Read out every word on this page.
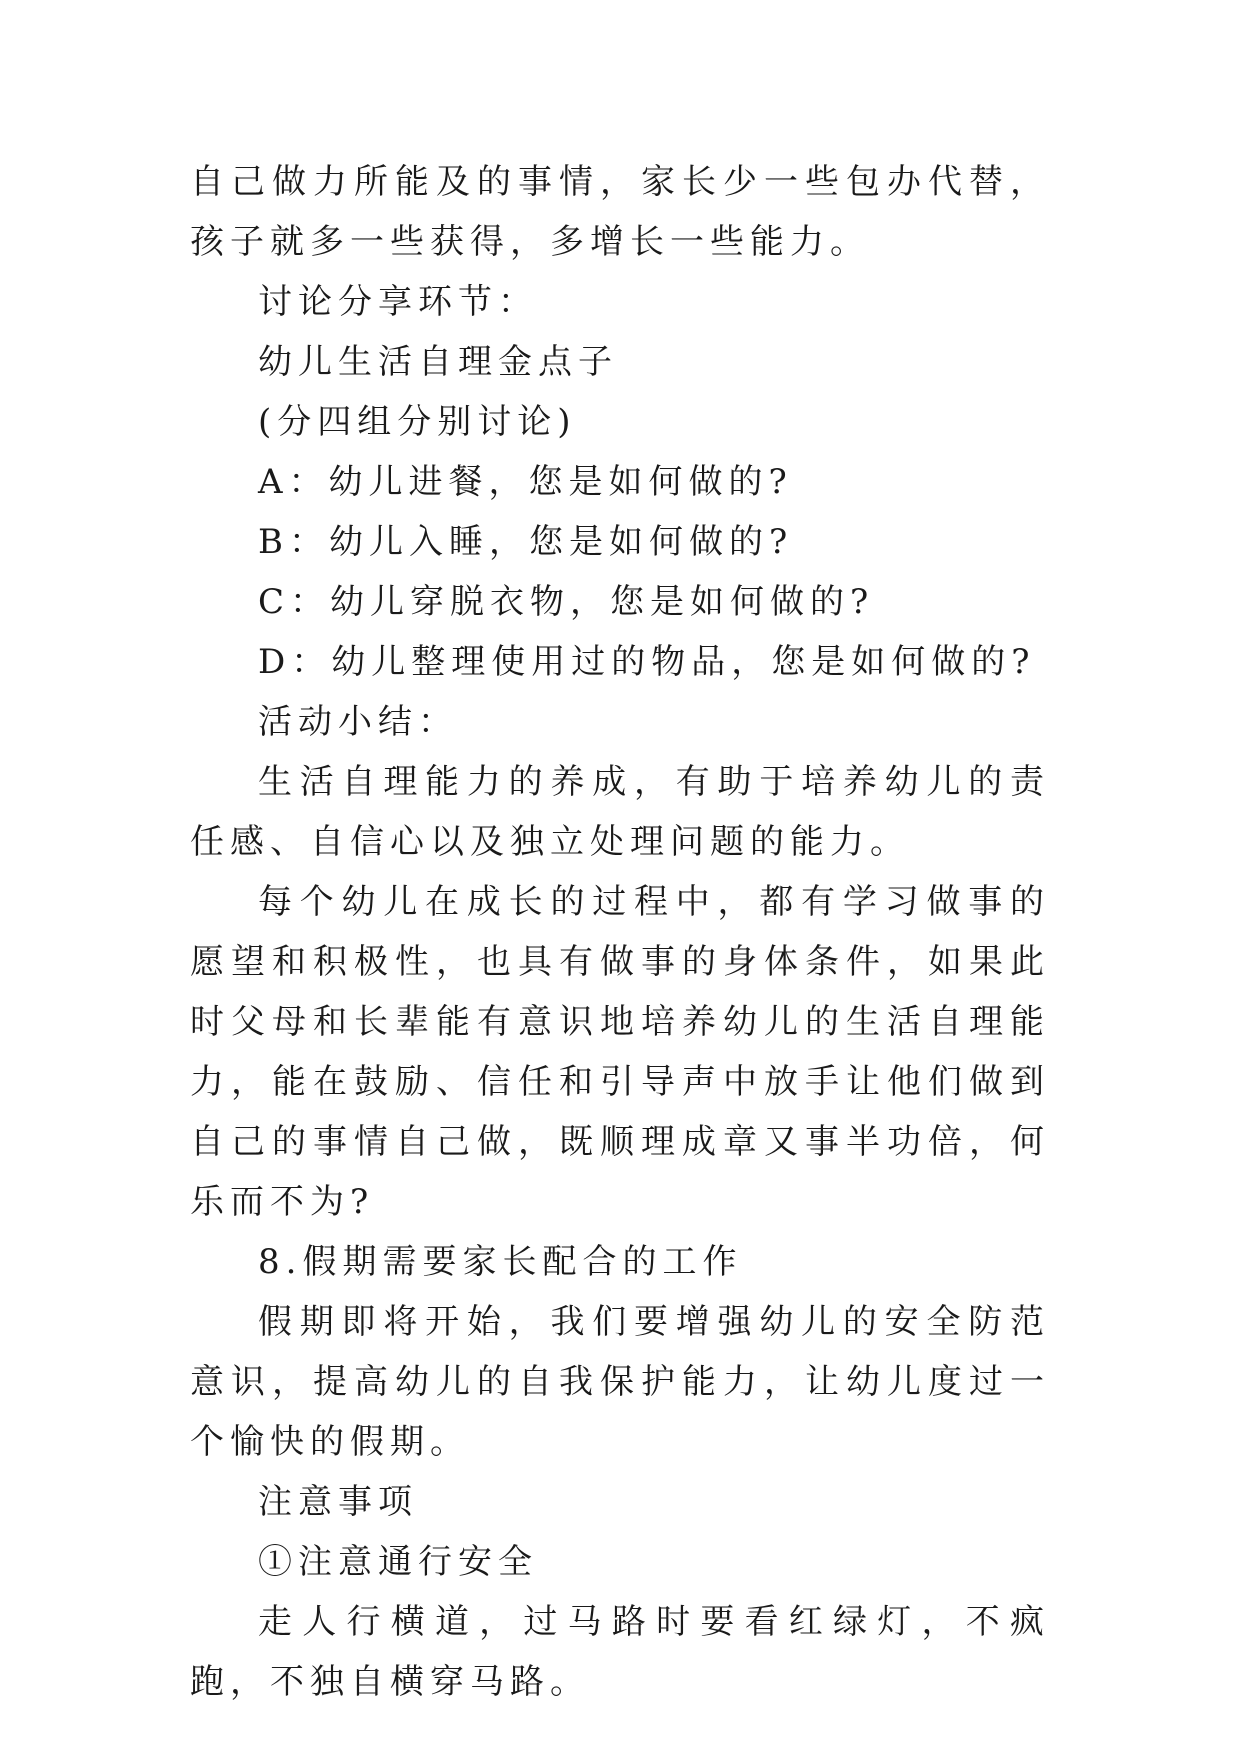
自己做力所能及的事情，家长少一些包办代替，孩子就多一些获得，多增长一些能力。

讨论分享环节：

幼儿生活自理金点子

(分四组分别讨论)

A：幼儿进餐，您是如何做的?

B：幼儿入睡，您是如何做的?

C：幼儿穿脱衣物，您是如何做的?

D：幼儿整理使用过的物品，您是如何做的?

活动小结：

生活自理能力的养成，有助于培养幼儿的责任感、自信心以及独立处理问题的能力。

每个幼儿在成长的过程中，都有学习做事的愿望和积极性，也具有做事的身体条件，如果此时父母和长辈能有意识地培养幼儿的生活自理能力，能在鼓励、信任和引导声中放手让他们做到自己的事情自己做，既顺理成章又事半功倍，何乐而不为?

8.假期需要家长配合的工作

假期即将开始，我们要增强幼儿的安全防范意识，提高幼儿的自我保护能力，让幼儿度过一个愉快的假期。

注意事项

①注意通行安全

走人行横道，过马路时要看红绿灯，不疯跑，不独自横穿马路。
